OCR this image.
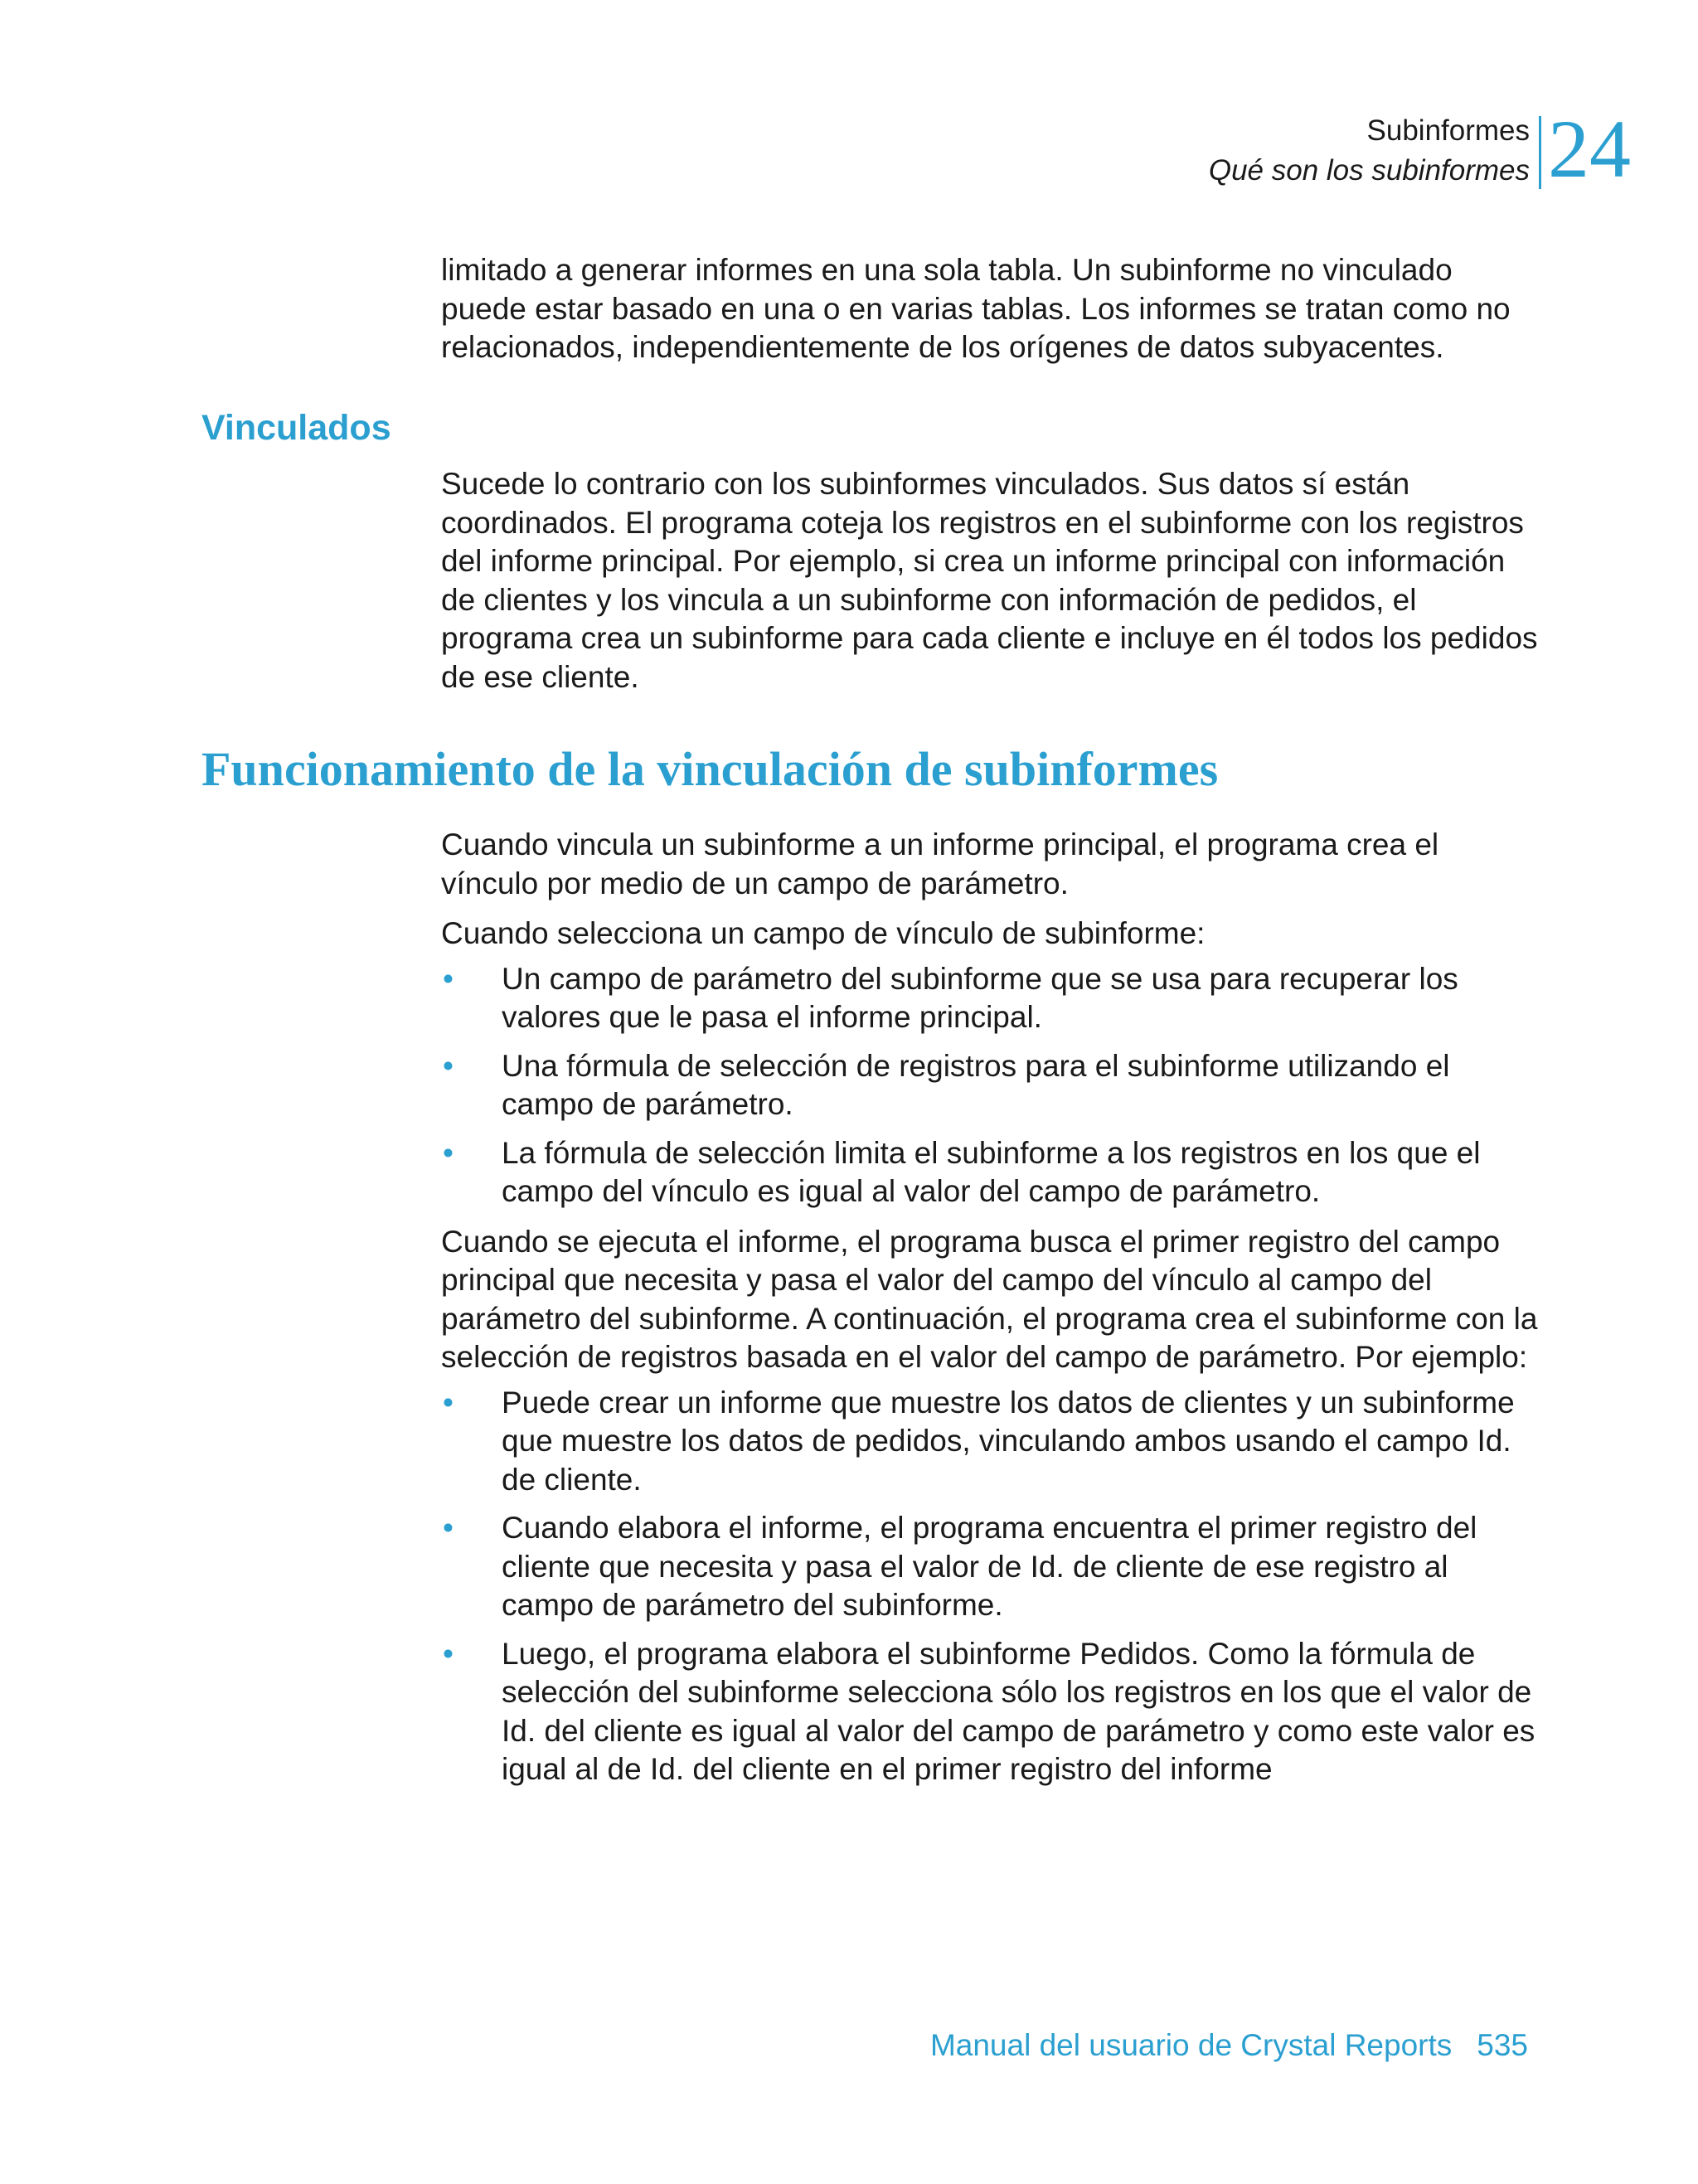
Subinformes
Qué son los subinformes 24

limitado a generar informes en una sola tabla. Un subinforme no vinculado puede estar basado en una o en varias tablas. Los informes se tratan como no relacionados, independientemente de los orígenes de datos subyacentes.

Vinculados

Sucede lo contrario con los subinformes vinculados. Sus datos sí están coordinados. El programa coteja los registros en el subinforme con los registros del informe principal. Por ejemplo, si crea un informe principal con información de clientes y los vincula a un subinforme con información de pedidos, el programa crea un subinforme para cada cliente e incluye en él todos los pedidos de ese cliente.

Funcionamiento de la vinculación de subinformes

Cuando vincula un subinforme a un informe principal, el programa crea el vínculo por medio de un campo de parámetro.

Cuando selecciona un campo de vínculo de subinforme:

• Un campo de parámetro del subinforme que se usa para recuperar los valores que le pasa el informe principal.
• Una fórmula de selección de registros para el subinforme utilizando el campo de parámetro.
• La fórmula de selección limita el subinforme a los registros en los que el campo del vínculo es igual al valor del campo de parámetro.

Cuando se ejecuta el informe, el programa busca el primer registro del campo principal que necesita y pasa el valor del campo del vínculo al campo del parámetro del subinforme. A continuación, el programa crea el subinforme con la selección de registros basada en el valor del campo de parámetro. Por ejemplo:

• Puede crear un informe que muestre los datos de clientes y un subinforme que muestre los datos de pedidos, vinculando ambos usando el campo Id. de cliente.
• Cuando elabora el informe, el programa encuentra el primer registro del cliente que necesita y pasa el valor de Id. de cliente de ese registro al campo de parámetro del subinforme.
• Luego, el programa elabora el subinforme Pedidos. Como la fórmula de selección del subinforme selecciona sólo los registros en los que el valor de Id. del cliente es igual al valor del campo de parámetro y como este valor es igual al de Id. del cliente en el primer registro del informe
Manual del usuario de Crystal Reports 535
